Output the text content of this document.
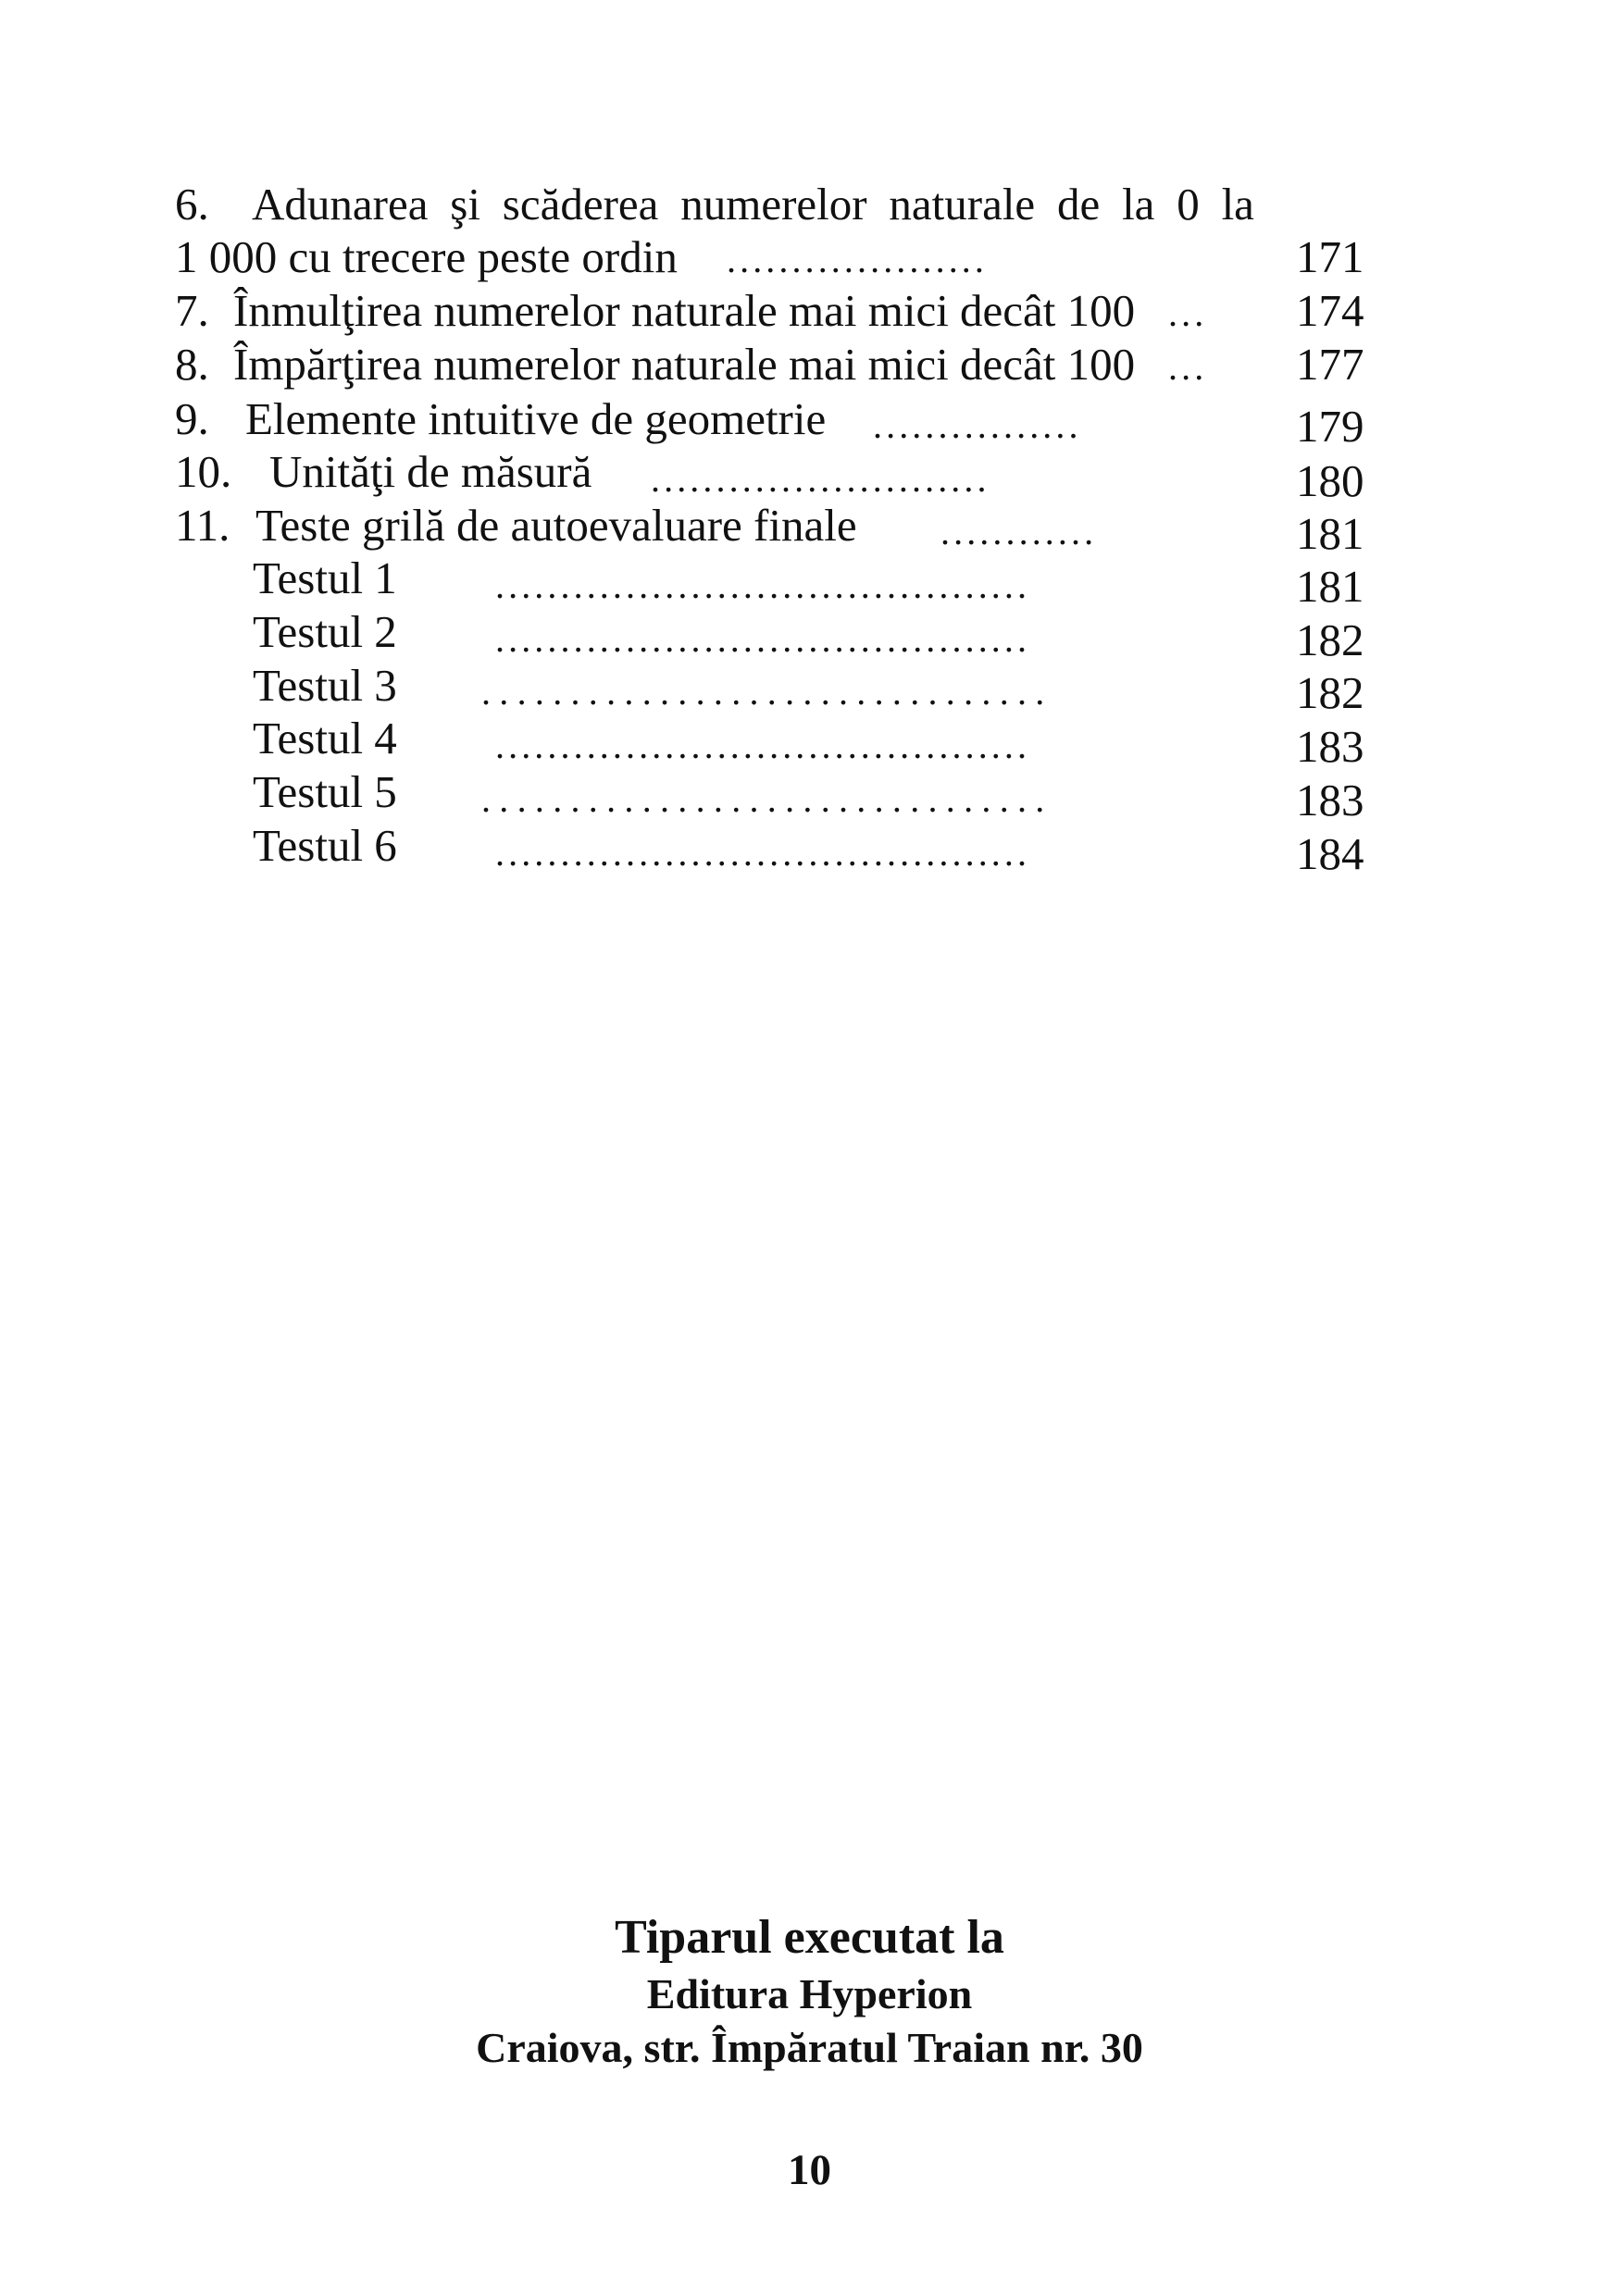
6. Adunarea şi scăderea numerelor naturale de la 0 la
1 000 cu trecere peste ordin ....................	171
7. Înmulţirea numerelor naturale mai mici decât 100 ... 174
8. Împărţirea numerelor naturale mai mici decât 100 ... 177
9. Elemente intuitive de geometrie ................	179
10. Unităţi de măsură ..........................	180
11. Teste grilă de autoevaluare finale ............	181
Testul 1	.........................................	181
Testul 2	.........................................	182
Testul 3 ................................	182
Testul 4	.........................................	183
Testul 5 ................................	183
Testul 6	.........................................	184
Tiparul executat la
Editura Hyperion
Craiova, str. Împăratul Traian nr. 30
10
